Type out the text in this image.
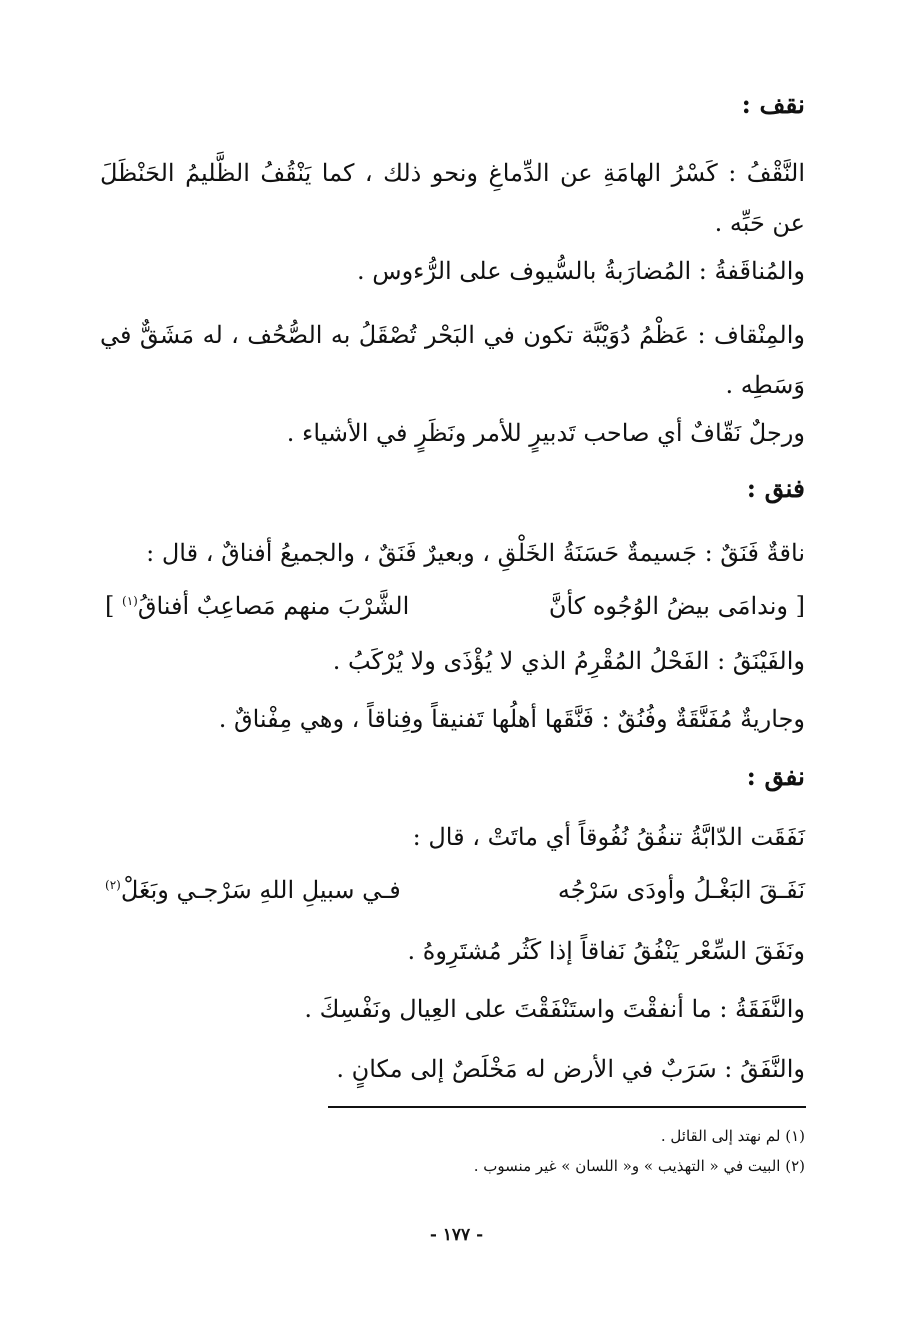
نقف :

النَّقْفُ : كَسْرُ الهامَةِ عن الدِّماغِ ونحو ذلك ، كما يَنْقُفُ الظَّليمُ الحَنْظَلَ عن حَبِّه .

والمُناقَفةُ : المُضارَبةُ بالسُّيوف على الرُّءوس .

والمِنْقاف : عَظْمُ دُوَيْبَّة تكون في البَحْر تُصْقَلُ به الصُّحُف ، له مَشَقٌّ في وَسَطِه .

ورجلٌ نَقّافٌ أي صاحب تَدبيرٍ للأمر ونَظَرٍ في الأشياء .

فنق :

ناقةٌ فَنَقٌ : جَسيمةٌ حَسَنَةُ الخَلْقِ ، وبعيرٌ فَنَقٌ ، والجميعُ أفناقٌ ، قال :

[ وندامَى بيضُ الوُجُوه كأنَّ
الشَّرْبَ منهم مَصاعِبٌ أفناقُ$^{(١)}$ ]

والفَيْنَقُ : الفَحْلُ المُقْرِمُ الذي لا يُؤْذَى ولا يُرْكَبُ .

وجاريةٌ مُفَنَّقَةٌ وفُنُقٌ : فَنَّقَها أهلُها تَفنيقاً وفِناقاً ، وهي مِفْناقٌ .

نفق :

نَفَقَت الدّابَّةُ تنفُقُ نُفُوقاً أي ماتَتْ ، قال :

نَفَـقَ البَغْـلُ وأودَى سَرْجُه
فـي سبيلِ اللهِ سَرْجـي وبَغَلْ$^{(٢)}$

ونَفَقَ السِّعْر يَنْفُقُ نَفاقاً إذا كَثُر مُشتَرِوهُ .

والنَّفَقَةُ : ما أنفقْتَ واستَنْفَقْتَ على العِيال ونَفْسِكَ .

والنَّفَقُ : سَرَبٌ في الأرض له مَخْلَصٌ إلى مكانٍ .

(١) لم نهتد إلى القائل .

(٢) البيت في « التهذيب » و« اللسان » غير منسوب .

- ١٧٧ -
